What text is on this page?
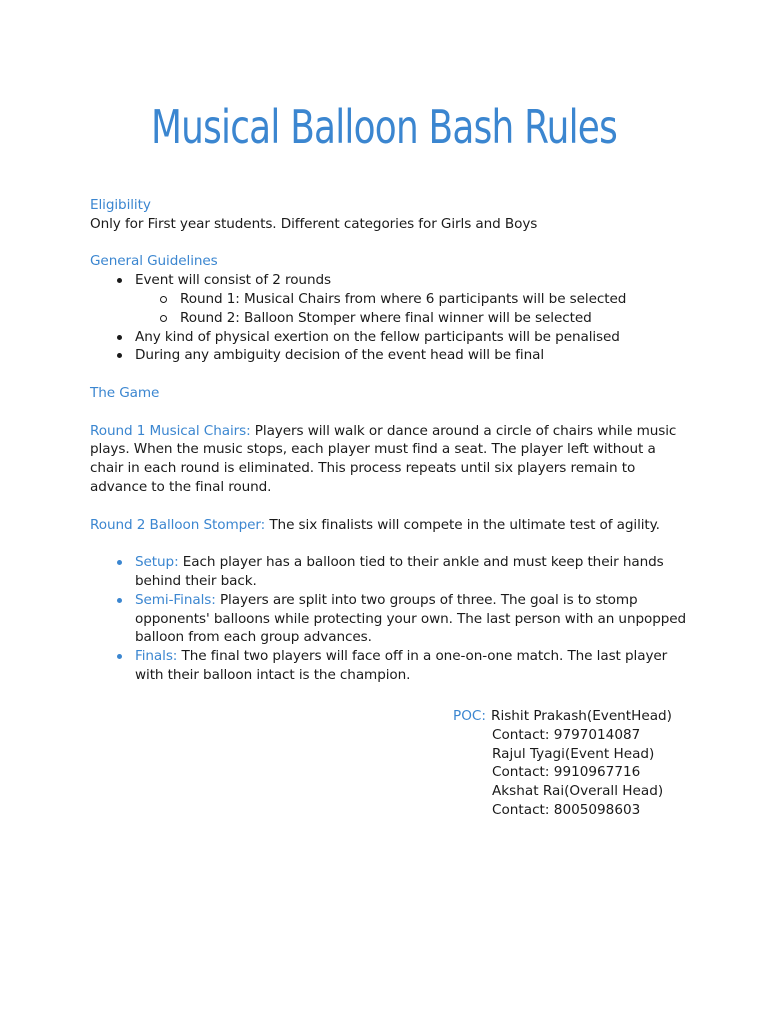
Musical Balloon Bash Rules

Eligibility

Only for First year students. Different categories for Girls and Boys

General Guidelines

Event will consist of 2 rounds
Round 1: Musical Chairs from where 6 participants will be selected
Round 2: Balloon Stomper where final winner will be selected
Any kind of physical exertion on the fellow participants will be penalised
During any ambiguity decision of the event head will be final

The Game

Round 1 Musical Chairs: Players will walk or dance around a circle of chairs while music plays. When the music stops, each player must find a seat. The player left without a chair in each round is eliminated. This process repeats until six players remain to advance to the final round.

Round 2 Balloon Stomper: The six finalists will compete in the ultimate test of agility.

Setup: Each player has a balloon tied to their ankle and must keep their hands behind their back.
Semi-Finals: Players are split into two groups of three. The goal is to stomp opponents' balloons while protecting your own. The last person with an unpopped balloon from each group advances.
Finals: The final two players will face off in a one-on-one match. The last player with their balloon intact is the champion.
POC: Rishit Prakash(EventHead)
Contact: 9797014087
Rajul Tyagi(Event Head)
Contact: 9910967716
Akshat Rai(Overall Head)
Contact: 8005098603
